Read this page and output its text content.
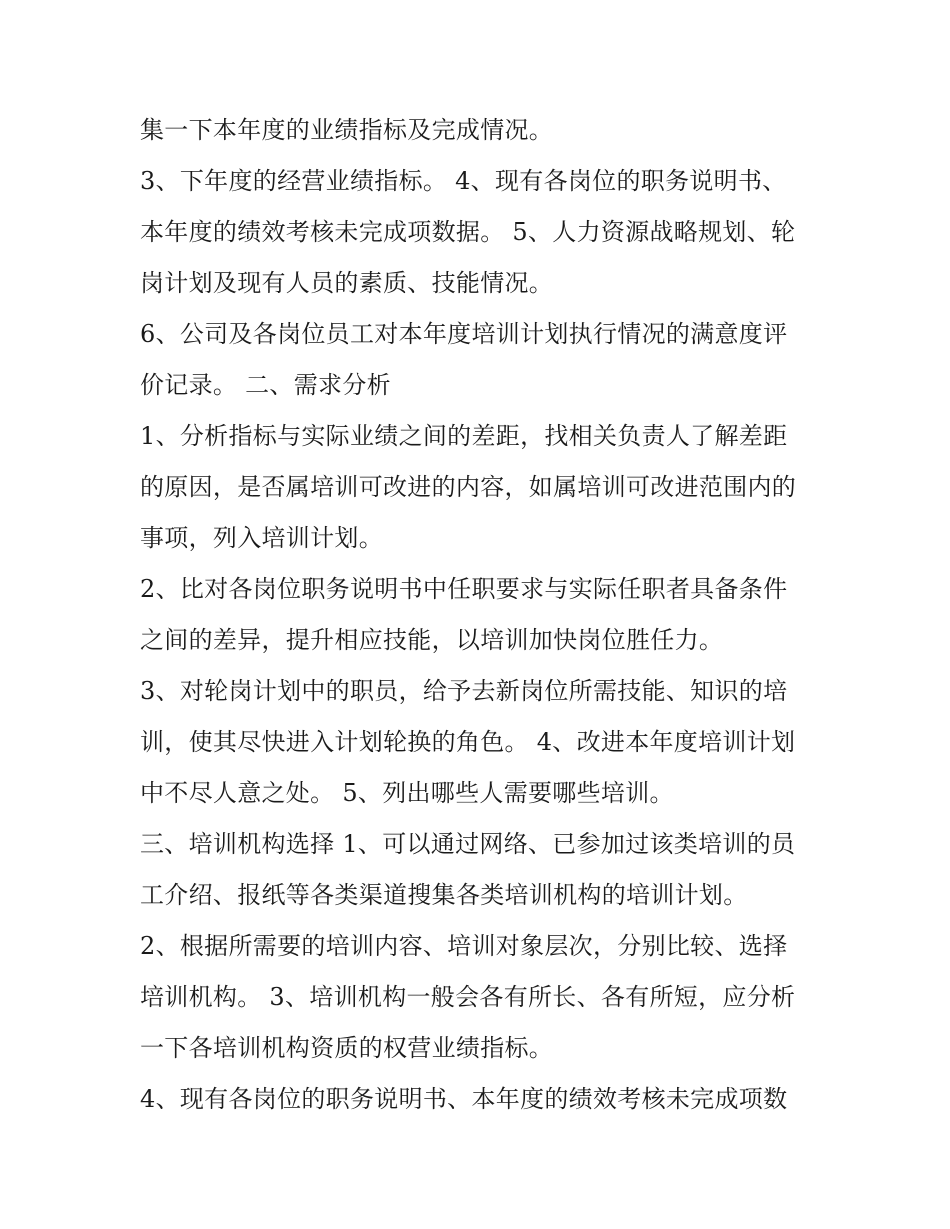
集一下本年度的业绩指标及完成情况。
3、下年度的经营业绩指标。 4、现有各岗位的职务说明书、
本年度的绩效考核未完成项数据。 5、人力资源战略规划、轮
岗计划及现有人员的素质、技能情况。
6、公司及各岗位员工对本年度培训计划执行情况的满意度评
价记录。 二、需求分析
1、分析指标与实际业绩之间的差距，找相关负责人了解差距
的原因，是否属培训可改进的内容，如属培训可改进范围内的
事项，列入培训计划。
2、比对各岗位职务说明书中任职要求与实际任职者具备条件
之间的差异，提升相应技能，以培训加快岗位胜任力。
3、对轮岗计划中的职员，给予去新岗位所需技能、知识的培
训，使其尽快进入计划轮换的角色。 4、改进本年度培训计划
中不尽人意之处。 5、列出哪些人需要哪些培训。
三、培训机构选择 1、可以通过网络、已参加过该类培训的员
工介绍、报纸等各类渠道搜集各类培训机构的培训计划。
2、根据所需要的培训内容、培训对象层次，分别比较、选择
培训机构。 3、培训机构一般会各有所长、各有所短，应分析
一下各培训机构资质的权营业绩指标。
4、现有各岗位的职务说明书、本年度的绩效考核未完成项数
